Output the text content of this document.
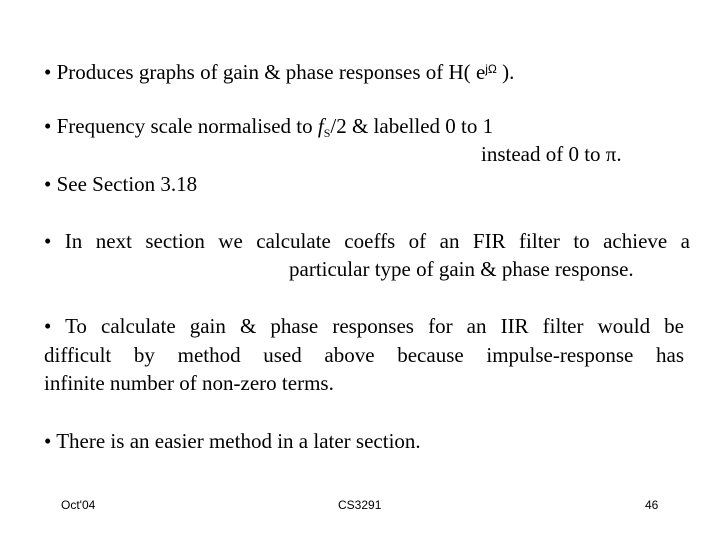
• Produces graphs of gain & phase responses of H( $e^{j\Omega}$ ).

• Frequency scale normalised to $f_S/2$ & labelled 0 to 1

instead of 0 to π.

• See Section 3.18

• In next section we calculate coeffs of an FIR filter to achieve a

particular type of gain & phase response.

• To calculate gain & phase responses for an IIR filter would be

difficult by method used above because impulse-response has

infinite number of non-zero terms.

• There is an easier method in a later section.

Oct'04	CS3291	46
